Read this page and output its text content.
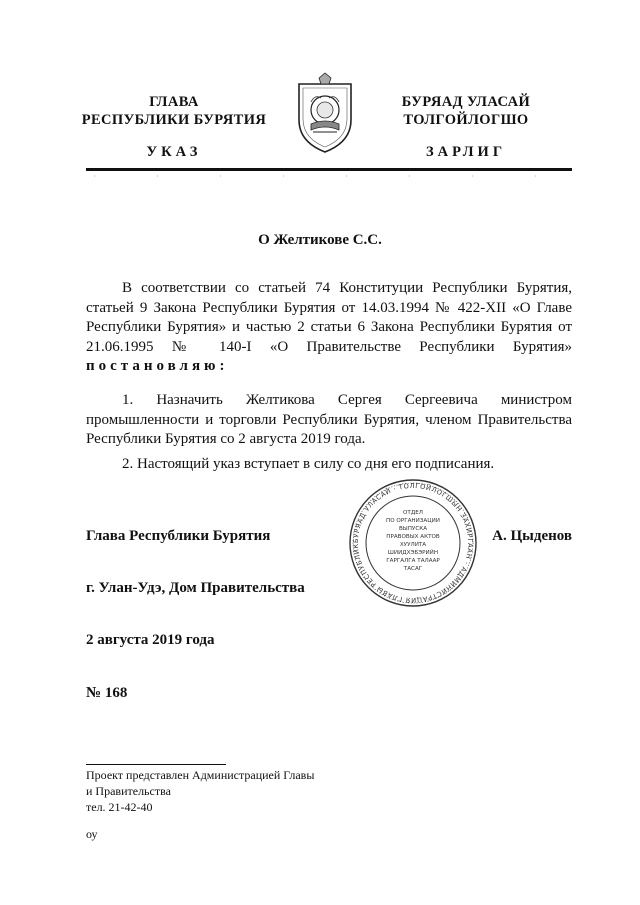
ГЛАВА
РЕСПУБЛИКИ БУРЯТИЯ
УКАЗ
БУРЯАД УЛАСАЙ
ТОЛГОЙЛОГШО
ЗАРЛИГ
О Желтикове С.С.
В соответствии со статьей 74 Конституции Республики Бурятия, статьей 9 Закона Республики Бурятия от 14.03.1994 № 422-XII «О Главе Республики Бурятия» и частью 2 статьи 6 Закона Республики Бурятия от 21.06.1995 № 140-I «О Правительстве Республики Бурятия» постановляю:
1. Назначить Желтикова Сергея Сергеевича министром промышленности и торговли Республики Бурятия, членом Правительства Республики Бурятия со 2 августа 2019 года.
2. Настоящий указ вступает в силу со дня его подписания.
Глава Республики Бурятия	А. Цыденов
БУРЯАД УЛАСАЙ · ТОЛГОЙЛОГШЫН ЗАХИРГААН · АДМИНИСТРАЦИЯ ГЛАВЫ РЕСПУБЛИК
ОТДЕЛ
ПО ОРГАНИЗАЦИИ
ВЫПУСКА
ПРАВОВЫХ АКТОВ
ХУУЛИТА
ШИИДХЭБЭРИЙН
ГАРГАЛГА ТАЛААР
ТАСАГ
г. Улан-Удэ, Дом Правительства
2 августа 2019 года
№ 168
Проект представлен Администрацией Главы
и Правительства
тел. 21-42-40
оу
